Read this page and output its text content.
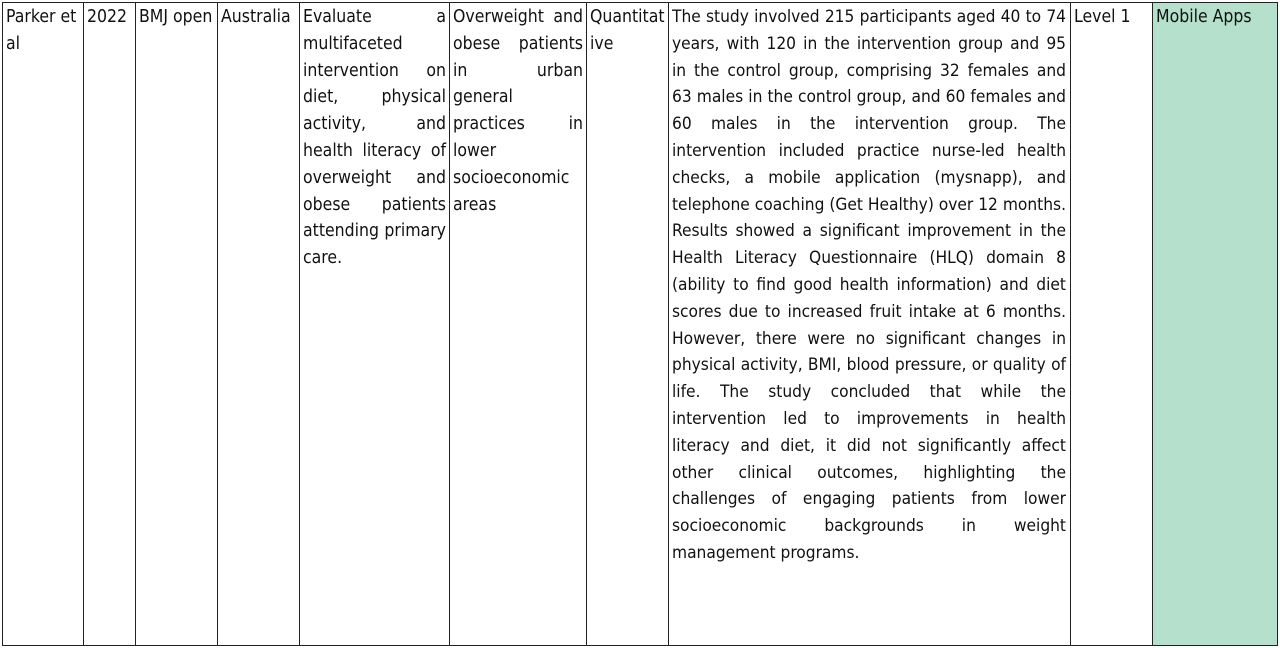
Parker et al
2022 BMJ open Australia Evaluate a multifaceted intervention on diet, physical activity, and health literacy of overweight and obese patients attending primary care.
Overweight and obese patients in urban general practices in lower socioeconomic areas
Quantitative
The study involved 215 participants aged 40 to 74 years, with 120 in the intervention group and 95 in the control group, comprising 32 females and 63 males in the control group, and 60 females and 60 males in the intervention group. The intervention included practice nurse-led health checks, a mobile application (mysnapp), and telephone coaching (Get Healthy) over 12 months. Results showed a significant improvement in the Health Literacy Questionnaire (HLQ) domain 8 (ability to find good health information) and diet scores due to increased fruit intake at 6 months. However, there were no significant changes in physical activity, BMI, blood pressure, or quality of life. The study concluded that while the intervention led to improvements in health literacy and diet, it did not significantly affect other clinical outcomes, highlighting the challenges of engaging patients from lower socioeconomic backgrounds in weight management programs.
Level 1	Mobile Apps
